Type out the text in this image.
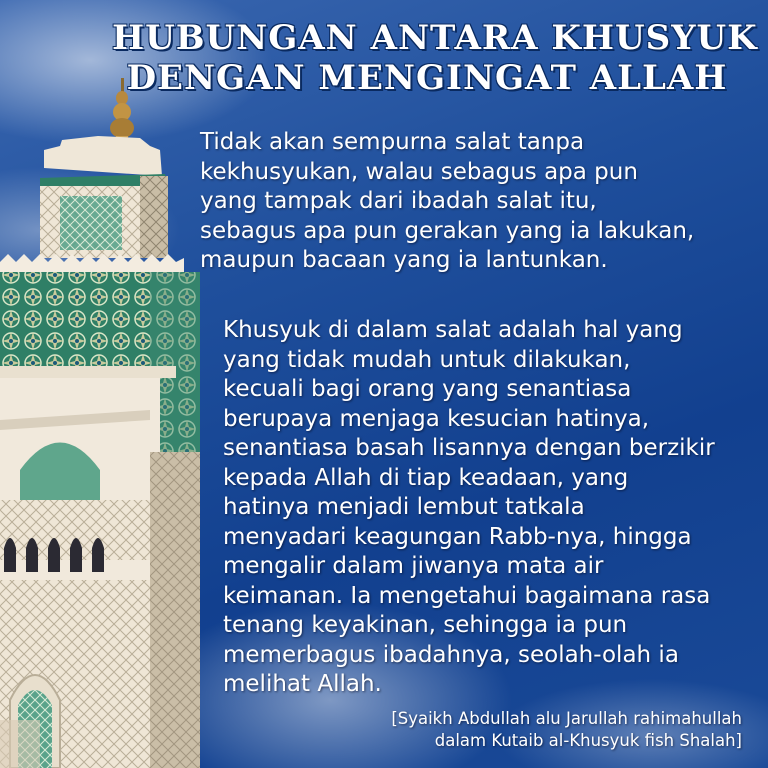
HUBUNGAN ANTARA KHUSYUK
DENGAN MENGINGAT ALLAH
Tidak akan sempurna salat tanpa
kekhusyukan, walau sebagus apa pun
yang tampak dari ibadah salat itu,
sebagus apa pun gerakan yang ia lakukan,
maupun bacaan yang ia lantunkan.
Khusyuk di dalam salat adalah hal yang
yang tidak mudah untuk dilakukan,
kecuali bagi orang yang senantiasa
berupaya menjaga kesucian hatinya,
senantiasa basah lisannya dengan berzikir
kepada Allah di tiap keadaan, yang
hatinya menjadi lembut tatkala
menyadari keagungan Rabb-nya, hingga
mengalir dalam jiwanya mata air
keimanan. Ia mengetahui bagaimana rasa
tenang keyakinan, sehingga ia pun
memerbagus ibadahnya, seolah-olah ia
melihat Allah.
[Syaikh Abdullah alu Jarullah rahimahullah
dalam Kutaib al-Khusyuk fish Shalah]
